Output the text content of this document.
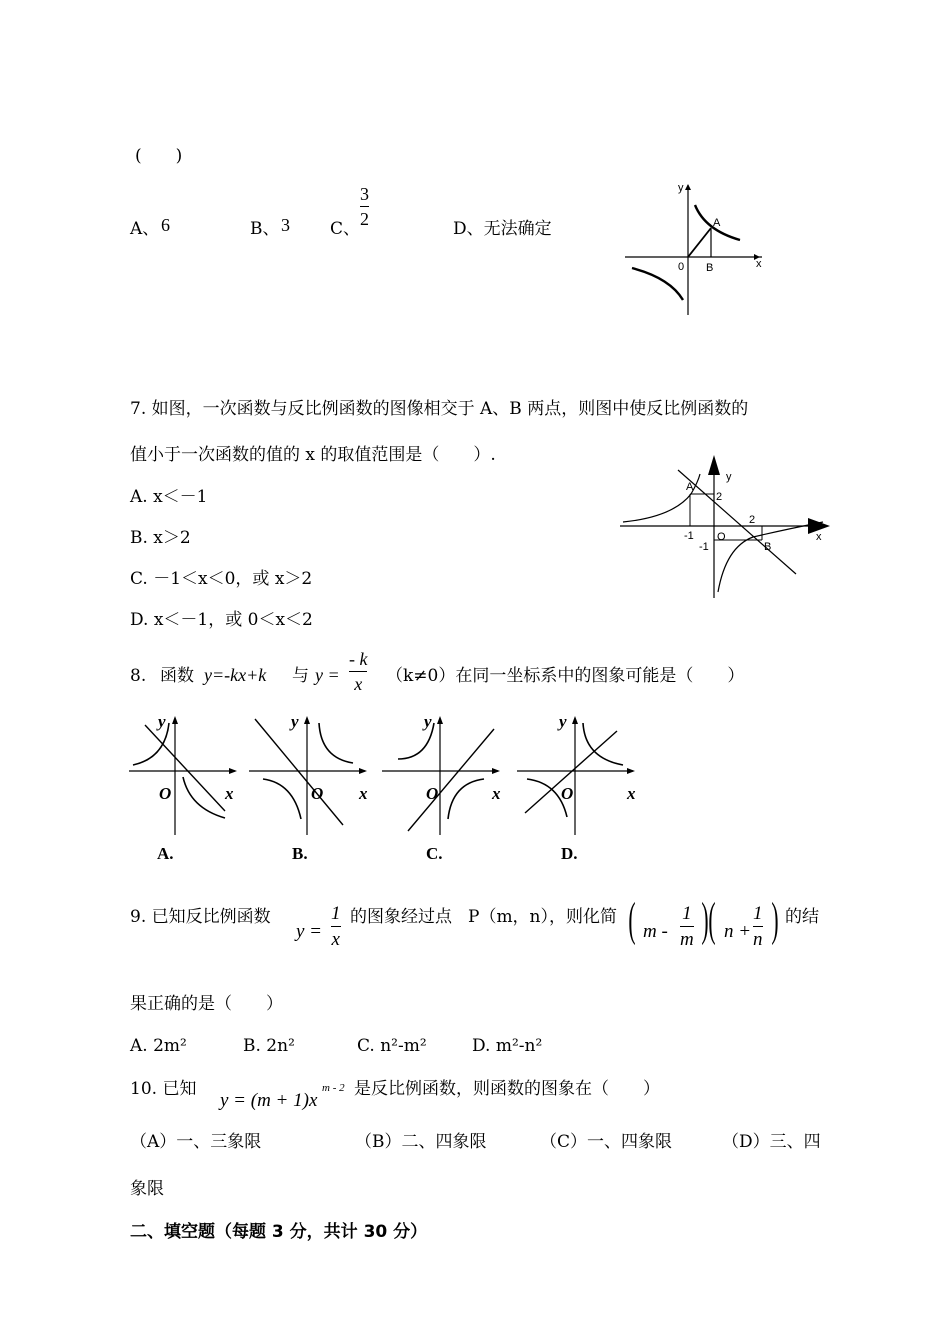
(　　)
A、 6	B、 3 C、
3
2	D、无法确定
y
x
0
A
B
7. 如图，一次函数与反比例函数的图像相交于 A、B 两点，则图中使反比例函数的
值小于一次函数的值的 x 的取值范围是（　　）.
A. x＜－1
B. x＞2
C. －1＜x＜0，或 x＞2
D. x＜－1，或 0＜x＜2
y
x
O
A
B
2
2
-1
-1
8. 函数 y=-kx+k 与 y =
- k
x （k≠0）在同一坐标系中的图象可能是（　　）
y
x
O
A.
y
x
O
B.
y
x
O
C.
y
x
O
D.
9. 已知反比例函数
y =
1
x
的图象经过点 P（m，n），则化简 ( m -
1
m ) ( n +
1
n ) 的结
果正确的是（　　）
A. 2m²	B. 2n²	C. n²-m²	D. m²-n²
10. 已知
y = (m + 1)x
m - 2 是反比例函数，则函数的图象在（　　）
（A）一、三象限	（B）二、四象限	（C）一、四象限	（D）三、四
象限
二、填空题（每题 3 分，共计 30 分）
